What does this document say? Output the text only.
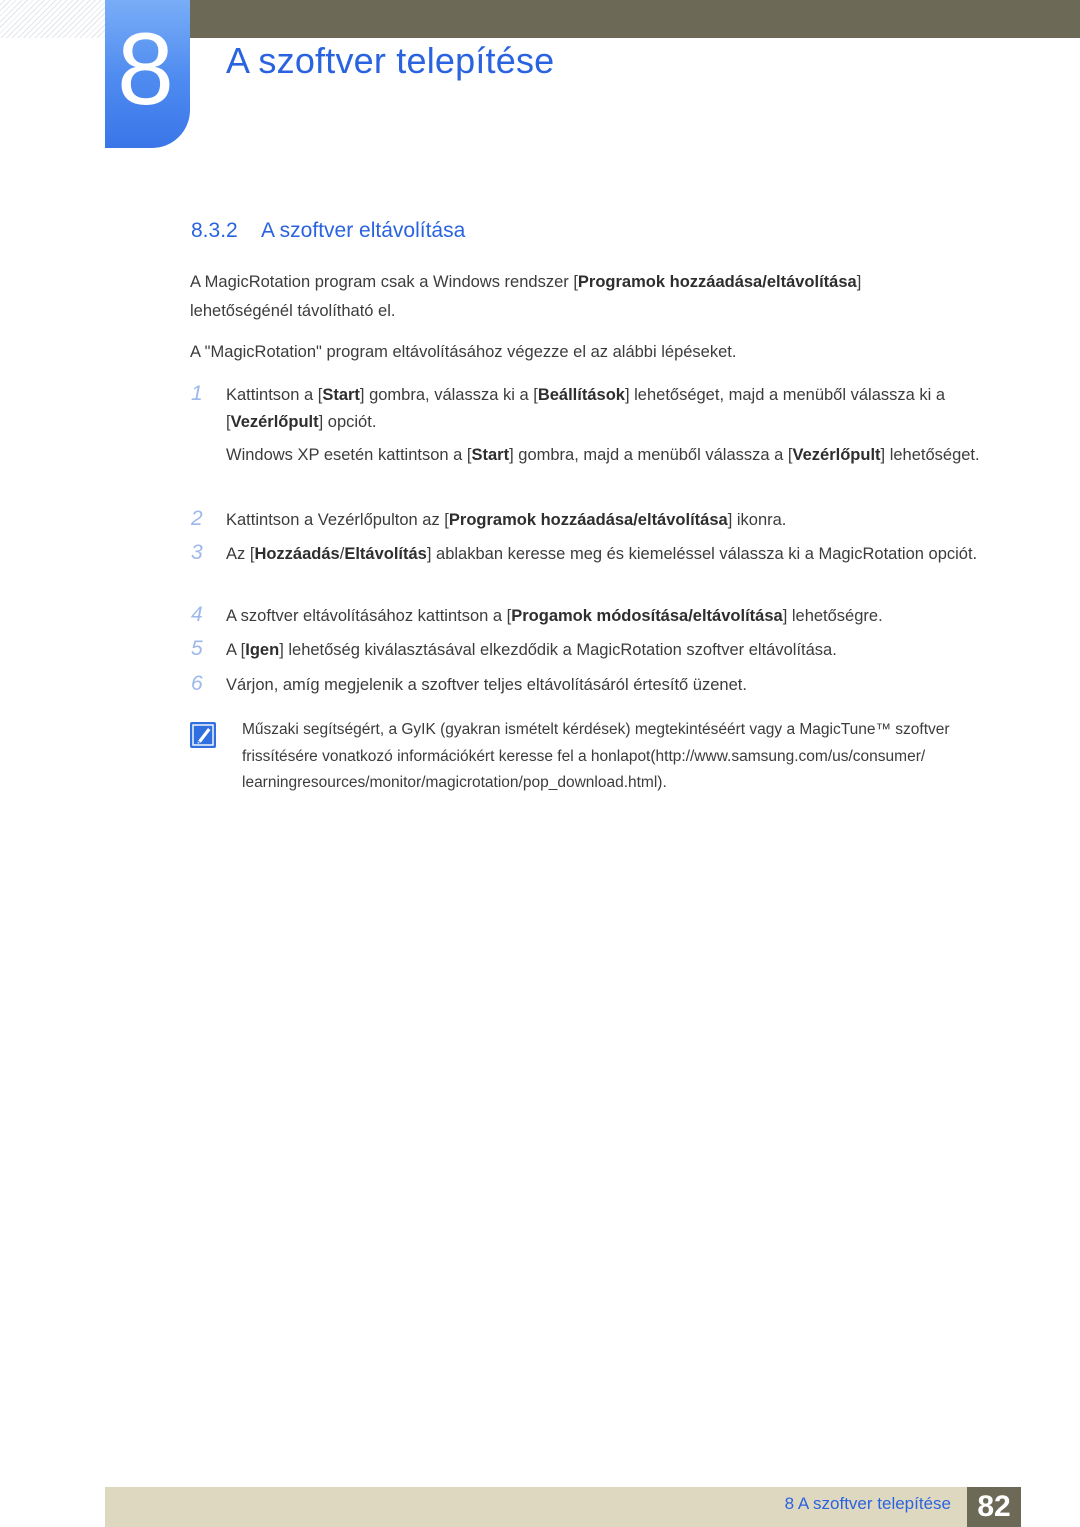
8	A szoftver telepítése
8.3.2 A szoftver eltávolítása

A MagicRotation program csak a Windows rendszer [Programok hozzáadása/eltávolítása]
lehetőségénél távolítható el.

A "MagicRotation" program eltávolításához végezze el az alábbi lépéseket.

1	Kattintson a [Start] gombra, válassza ki a [Beállítások] lehetőséget, majd a menüből válassza ki a [Vezérlőpult] opciót.
Windows XP esetén kattintson a [Start] gombra, majd a menüből válassza a [Vezérlőpult] lehetőséget.
2	Kattintson a Vezérlőpulton az [Programok hozzáadása/eltávolítása] ikonra.
3	Az [Hozzáadás/Eltávolítás] ablakban keresse meg és kiemeléssel válassza ki a MagicRotation opciót.
4	A szoftver eltávolításához kattintson a [Progamok módosítása/eltávolítása] lehetőségre.
5	A [Igen] lehetőség kiválasztásával elkezdődik a MagicRotation szoftver eltávolítása.
6	Várjon, amíg megjelenik a szoftver teljes eltávolításáról értesítő üzenet.
Műszaki segítségért, a GyIK (gyakran ismételt kérdések) megtekintéséért vagy a MagicTune™ szoftver
frissítésére vonatkozó információkért keresse fel a honlapot(http://www.samsung.com/us/consumer/
learningresources/monitor/magicrotation/pop_download.html).
8 A szoftver telepítése 82
